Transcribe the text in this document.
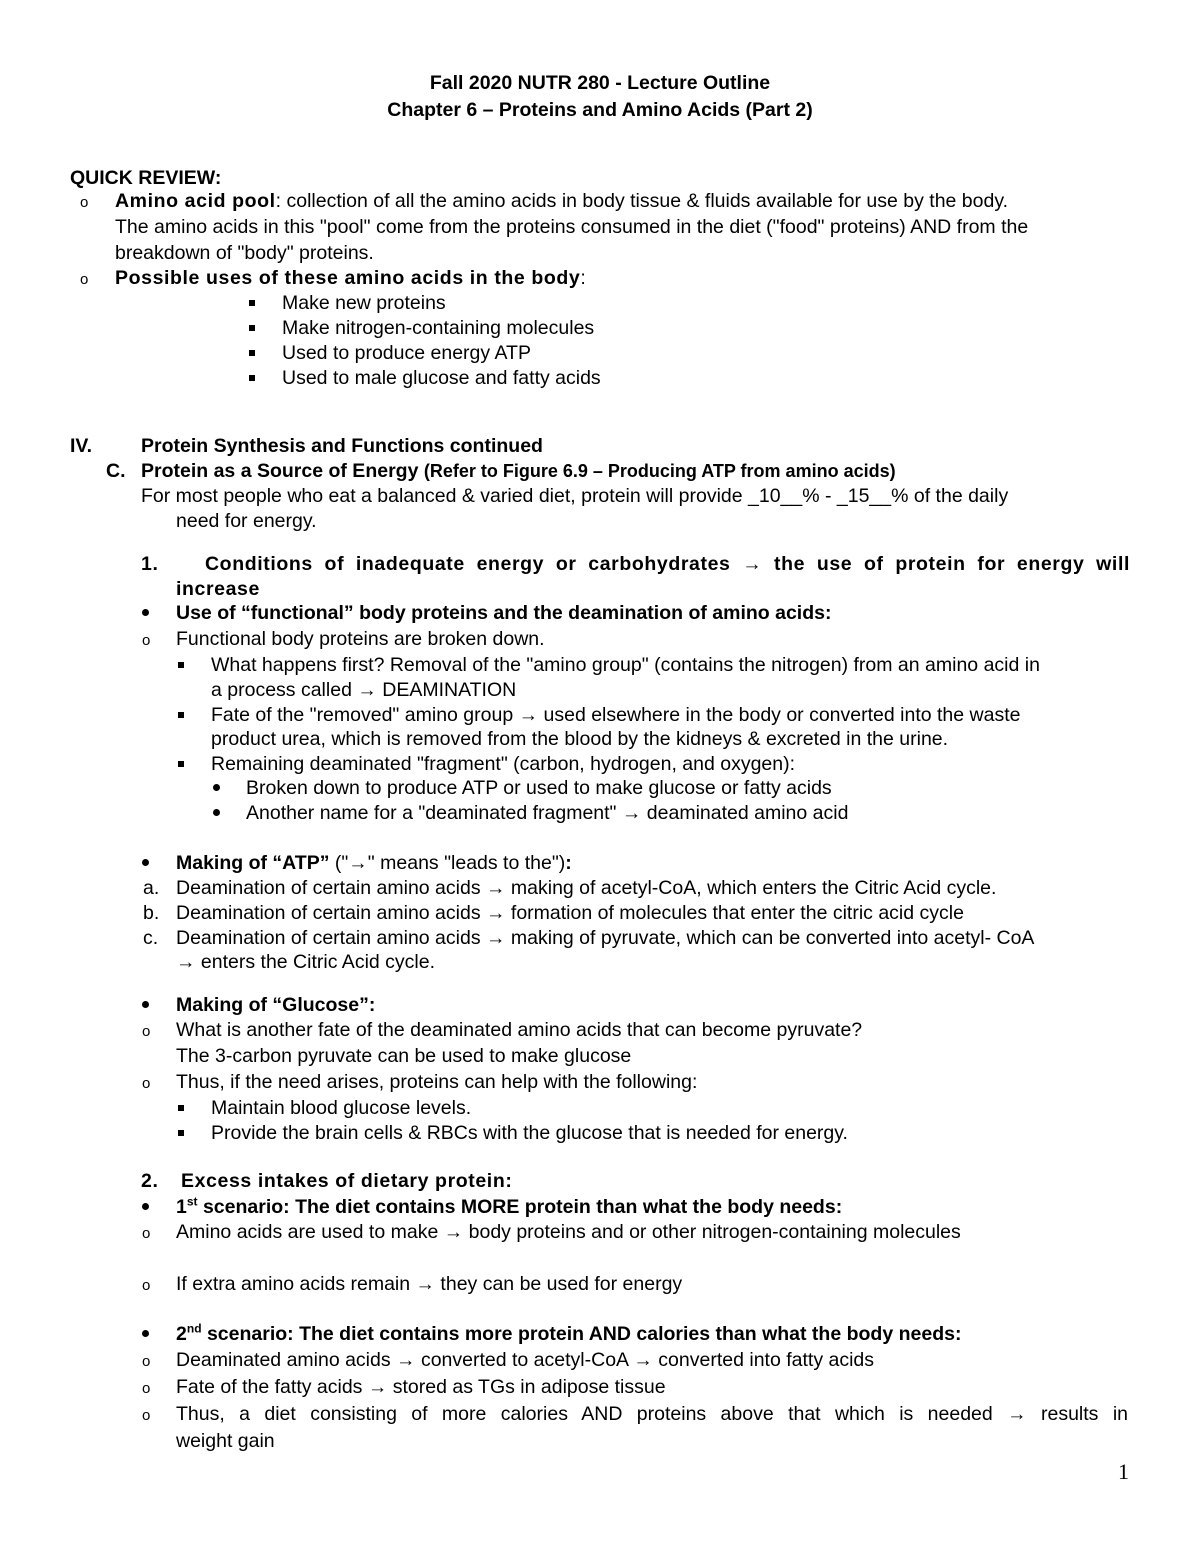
Fall 2020 NUTR 280 - Lecture Outline
Chapter 6 – Proteins and Amino Acids (Part 2)
QUICK REVIEW:
o Amino acid pool: collection of all the amino acids in body tissue & fluids available for use by the body.
The amino acids in this "pool" come from the proteins consumed in the diet ("food" proteins) AND from the
breakdown of "body" proteins.
o Possible uses of these amino acids in the body:
Make new proteins
Make nitrogen-containing molecules
Used to produce energy ATP
Used to male glucose and fatty acids
IV.	Protein Synthesis and Functions continued
C. Protein as a Source of Energy (Refer to Figure 6.9 – Producing ATP from amino acids)
For most people who eat a balanced & varied diet, protein will provide _10__% - _15__% of the daily
need for energy.
1. Conditions of inadequate energy or carbohydrates → the use of protein for energy will
increase
Use of “functional” body proteins and the deamination of amino acids:
o Functional body proteins are broken down.
What happens first? Removal of the "amino group" (contains the nitrogen) from an amino acid in
a process called → DEAMINATION
Fate of the "removed" amino group → used elsewhere in the body or converted into the waste
product urea, which is removed from the blood by the kidneys & excreted in the urine.
Remaining deaminated "fragment" (carbon, hydrogen, and oxygen):
Broken down to produce ATP or used to make glucose or fatty acids
Another name for a "deaminated fragment" → deaminated amino acid
Making of “ATP” ("→" means "leads to the"):
a. Deamination of certain amino acids → making of acetyl-CoA, which enters the Citric Acid cycle.
b. Deamination of certain amino acids → formation of molecules that enter the citric acid cycle
c. Deamination of certain amino acids → making of pyruvate, which can be converted into acetyl- CoA
→ enters the Citric Acid cycle.
Making of “Glucose”:
o What is another fate of the deaminated amino acids that can become pyruvate?
The 3-carbon pyruvate can be used to make glucose
o Thus, if the need arises, proteins can help with the following:
Maintain blood glucose levels.
Provide the brain cells & RBCs with the glucose that is needed for energy.
2. Excess intakes of dietary protein:
1st scenario: The diet contains MORE protein than what the body needs:
o Amino acids are used to make → body proteins and or other nitrogen-containing molecules
o If extra amino acids remain → they can be used for energy
2nd scenario: The diet contains more protein AND calories than what the body needs:
o Deaminated amino acids → converted to acetyl-CoA → converted into fatty acids
o Fate of the fatty acids → stored as TGs in adipose tissue
o Thus, a diet consisting of more calories AND proteins above that which is needed → results in
weight gain
1
